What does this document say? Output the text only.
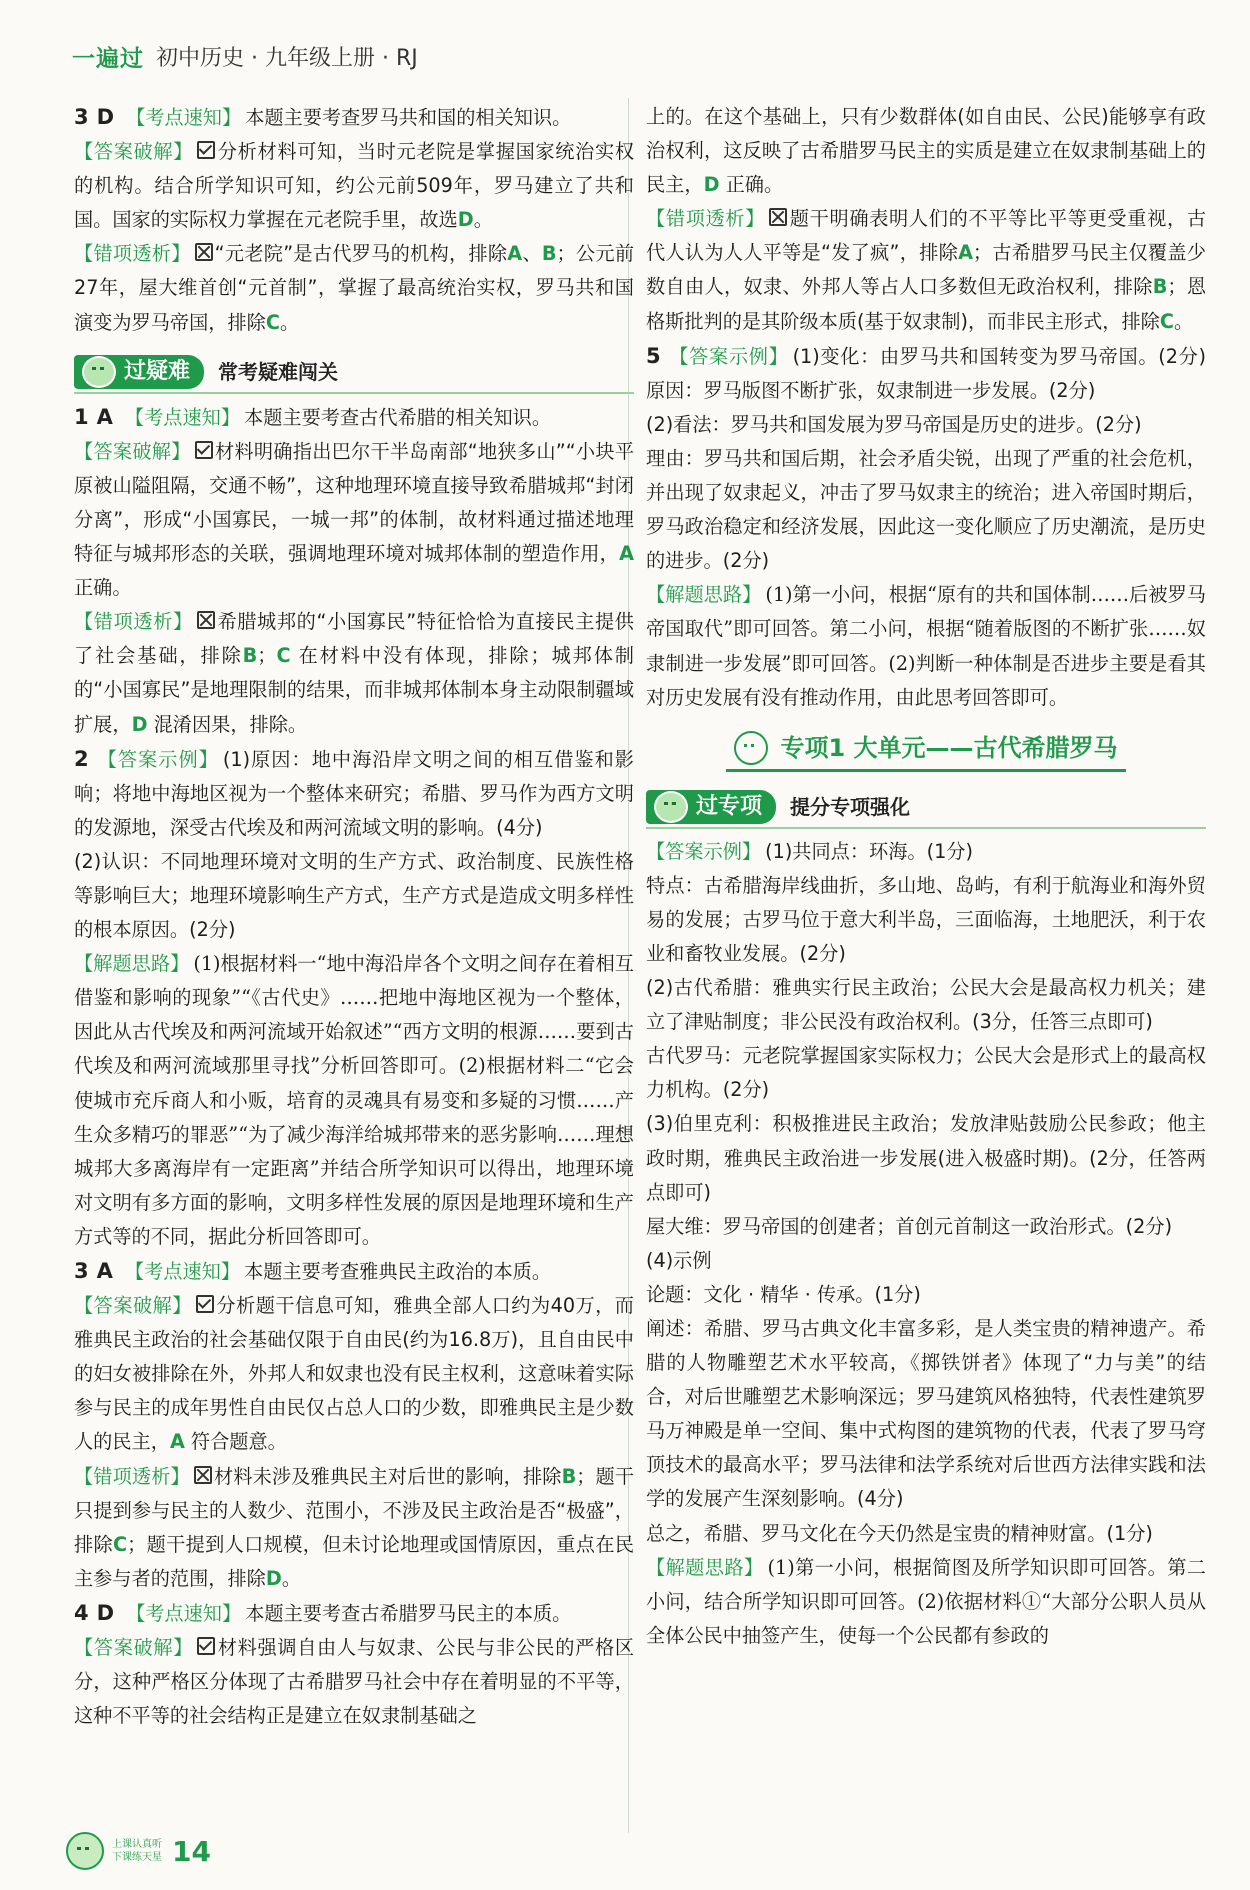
一遍过 初中历史 · 九年级上册 · RJ

3 D 【考点速知】 本题主要考查罗马共和国的相关知识。

【答案破解】 分析材料可知，当时元老院是掌握国家统治实权的机构。结合所学知识可知，约公元前509年，罗马建立了共和国。国家的实际权力掌握在元老院手里，故选D。

【错项透析】 “元老院”是古代罗马的机构，排除A、B；公元前27年，屋大维首创“元首制”，掌握了最高统治实权，罗马共和国演变为罗马帝国，排除C。

过疑难 常考疑难闯关

1 A 【考点速知】 本题主要考查古代希腊的相关知识。

【答案破解】 材料明确指出巴尔干半岛南部“地狭多山”“小块平原被山隘阻隔，交通不畅”，这种地理环境直接导致希腊城邦“封闭分离”，形成“小国寡民，一城一邦”的体制，故材料通过描述地理特征与城邦形态的关联，强调地理环境对城邦体制的塑造作用，A 正确。

【错项透析】 希腊城邦的“小国寡民”特征恰恰为直接民主提供了社会基础，排除B；C 在材料中没有体现，排除；城邦体制的“小国寡民”是地理限制的结果，而非城邦体制本身主动限制疆域扩展，D 混淆因果，排除。

2 【答案示例】 (1)原因：地中海沿岸文明之间的相互借鉴和影响；将地中海地区视为一个整体来研究；希腊、罗马作为西方文明的发源地，深受古代埃及和两河流域文明的影响。(4分)

(2)认识：不同地理环境对文明的生产方式、政治制度、民族性格等影响巨大；地理环境影响生产方式，生产方式是造成文明多样性的根本原因。(2分)

【解题思路】 (1)根据材料一“地中海沿岸各个文明之间存在着相互借鉴和影响的现象”“《古代史》……把地中海地区视为一个整体，因此从古代埃及和两河流域开始叙述”“西方文明的根源……要到古代埃及和两河流域那里寻找”分析回答即可。(2)根据材料二“它会使城市充斥商人和小贩，培育的灵魂具有易变和多疑的习惯……产生众多精巧的罪恶”“为了减少海洋给城邦带来的恶劣影响……理想城邦大多离海岸有一定距离”并结合所学知识可以得出，地理环境对文明有多方面的影响，文明多样性发展的原因是地理环境和生产方式等的不同，据此分析回答即可。

3 A 【考点速知】 本题主要考查雅典民主政治的本质。

【答案破解】 分析题干信息可知，雅典全部人口约为40万，而雅典民主政治的社会基础仅限于自由民(约为16.8万)，且自由民中的妇女被排除在外，外邦人和奴隶也没有民主权利，这意味着实际参与民主的成年男性自由民仅占总人口的少数，即雅典民主是少数人的民主，A 符合题意。

【错项透析】 材料未涉及雅典民主对后世的影响，排除B；题干只提到参与民主的人数少、范围小，不涉及民主政治是否“极盛”，排除C；题干提到人口规模，但未讨论地理或国情原因，重点在民主参与者的范围，排除D。

4 D 【考点速知】 本题主要考查古希腊罗马民主的本质。

【答案破解】 材料强调自由人与奴隶、公民与非公民的严格区分，这种严格区分体现了古希腊罗马社会中存在着明显的不平等，这种不平等的社会结构正是建立在奴隶制基础之

上的。在这个基础上，只有少数群体(如自由民、公民)能够享有政治权利，这反映了古希腊罗马民主的实质是建立在奴隶制基础上的民主，D 正确。

【错项透析】 题干明确表明人们的不平等比平等更受重视，古代人认为人人平等是“发了疯”，排除A；古希腊罗马民主仅覆盖少数自由人，奴隶、外邦人等占人口多数但无政治权利，排除B；恩格斯批判的是其阶级本质(基于奴隶制)，而非民主形式，排除C。

5 【答案示例】 (1)变化：由罗马共和国转变为罗马帝国。(2分)原因：罗马版图不断扩张，奴隶制进一步发展。(2分)

(2)看法：罗马共和国发展为罗马帝国是历史的进步。(2分)

理由：罗马共和国后期，社会矛盾尖锐，出现了严重的社会危机，并出现了奴隶起义，冲击了罗马奴隶主的统治；进入帝国时期后，罗马政治稳定和经济发展，因此这一变化顺应了历史潮流，是历史的进步。(2分)

【解题思路】 (1)第一小问，根据“原有的共和国体制……后被罗马帝国取代”即可回答。第二小问，根据“随着版图的不断扩张……奴隶制进一步发展”即可回答。(2)判断一种体制是否进步主要是看其对历史发展有没有推动作用，由此思考回答即可。

专项1 大单元——古代希腊罗马
过专项 提分专项强化

【答案示例】 (1)共同点：环海。(1分)

特点：古希腊海岸线曲折，多山地、岛屿，有利于航海业和海外贸易的发展；古罗马位于意大利半岛，三面临海，土地肥沃，利于农业和畜牧业发展。(2分)

(2)古代希腊：雅典实行民主政治；公民大会是最高权力机关；建立了津贴制度；非公民没有政治权利。(3分，任答三点即可)

古代罗马：元老院掌握国家实际权力；公民大会是形式上的最高权力机构。(2分)

(3)伯里克利：积极推进民主政治；发放津贴鼓励公民参政；他主政时期，雅典民主政治进一步发展(进入极盛时期)。(2分，任答两点即可)

屋大维：罗马帝国的创建者；首创元首制这一政治形式。(2分)

(4)示例

论题：文化 · 精华 · 传承。(1分)

阐述：希腊、罗马古典文化丰富多彩，是人类宝贵的精神遗产。希腊的人物雕塑艺术水平较高，《掷铁饼者》体现了“力与美”的结合，对后世雕塑艺术影响深远；罗马建筑风格独特，代表性建筑罗马万神殿是单一空间、集中式构图的建筑物的代表，代表了罗马穹顶技术的最高水平；罗马法律和法学系统对后世西方法律实践和法学的发展产生深刻影响。(4分)

总之，希腊、罗马文化在今天仍然是宝贵的精神财富。(1分)

【解题思路】 (1)第一小问，根据简图及所学知识即可回答。第二小问，结合所学知识即可回答。(2)依据材料①“大部分公职人员从全体公民中抽签产生，使每一个公民都有参政的

上课认真听
下课练天星 14
